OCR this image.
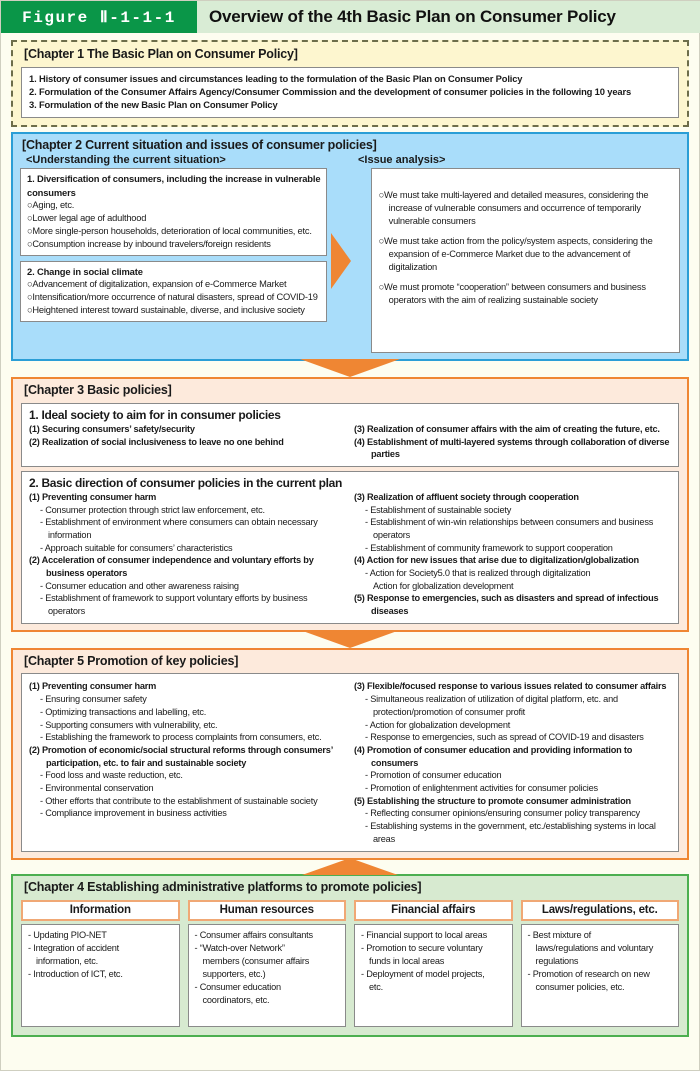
Figure Ⅱ-1-1-1	Overview of the 4th Basic Plan on Consumer Policy
[Chapter 1 The Basic Plan on Consumer Policy]
1. History of consumer issues and circumstances leading to the formulation of the Basic Plan on Consumer Policy
2. Formulation of the Consumer Affairs Agency/Consumer Commission and the development of consumer policies in the following 10 years
3. Formulation of the new Basic Plan on Consumer Policy
[Chapter 2 Current situation and issues of consumer policies]
<Understanding the current situation>	<Issue analysis>
1. Diversification of consumers, including the increase in vulnerable consumers
○Aging, etc.
○Lower legal age of adulthood
○More single-person households, deterioration of local communities, etc.
○Consumption increase by inbound travelers/foreign residents
2. Change in social climate
○Advancement of digitalization, expansion of e-Commerce Market
○Intensification/more occurrence of natural disasters, spread of COVID-19
○Heightened interest toward sustainable, diverse, and inclusive society
○We must take multi-layered and detailed measures, considering the increase of vulnerable consumers and occurrence of temporarily vulnerable consumers
○We must take action from the policy/system aspects, considering the expansion of e-Commerce Market due to the advancement of digitalization
○We must promote “cooperation” between consumers and business operators with the aim of realizing sustainable society
[Chapter 3 Basic policies]
1. Ideal society to aim for in consumer policies
(1) Securing consumers’ safety/security
(2) Realization of social inclusiveness to leave no one behind
(3) Realization of consumer affairs with the aim of creating the future, etc.
(4) Establishment of multi-layered systems through collaboration of diverse parties
2. Basic direction of consumer policies in the current plan
(1) Preventing consumer harm
- Consumer protection through strict law enforcement, etc.
- Establishment of environment where consumers can obtain necessary information
- Approach suitable for consumers’ characteristics
(2) Acceleration of consumer independence and voluntary efforts by business operators
- Consumer education and other awareness raising
- Establishment of framework to support voluntary efforts by business operators
(3) Realization of affluent society through cooperation
- Establishment of sustainable society
- Establishment of win-win relationships between consumers and business operators
- Establishment of community framework to support cooperation
(4) Action for new issues that arise due to digitalization/globalization
- Action for Society5.0 that is realized through digitalization
Action for globalization development
(5) Response to emergencies, such as disasters and spread of infectious diseases
[Chapter 5 Promotion of key policies]
(1) Preventing consumer harm
- Ensuring consumer safety
- Optimizing transactions and labelling, etc.
- Supporting consumers with vulnerability, etc.
- Establishing the framework to process complaints from consumers, etc.
(2) Promotion of economic/social structural reforms through consumers’ participation, etc. to fair and sustainable society
- Food loss and waste reduction, etc.
- Environmental conservation
- Other efforts that contribute to the establishment of sustainable society
- Compliance improvement in business activities
(3) Flexible/focused response to various issues related to consumer affairs
- Simultaneous realization of utilization of digital platform, etc. and protection/promotion of consumer profit
- Action for globalization development
- Response to emergencies, such as spread of COVID-19 and disasters
(4) Promotion of consumer education and providing information to consumers
- Promotion of consumer education
- Promotion of enlightenment activities for consumer policies
(5) Establishing the structure to promote consumer administration
- Reflecting consumer opinions/ensuring consumer policy transparency
- Establishing systems in the government, etc./establishing systems in local areas
[Chapter 4 Establishing administrative platforms to promote policies]
Information
- Updating PIO-NET
- Integration of accident
information, etc.
- Introduction of ICT, etc.
Human resources
- Consumer affairs consultants
- “Watch-over Network”
members (consumer affairs
supporters, etc.)
- Consumer education
coordinators, etc.
Financial affairs
- Financial support to local areas
- Promotion to secure voluntary
funds in local areas
- Deployment of model projects,
etc.
Laws/regulations, etc.
- Best mixture of
laws/regulations and voluntary
regulations
- Promotion of research on new
consumer policies, etc.
